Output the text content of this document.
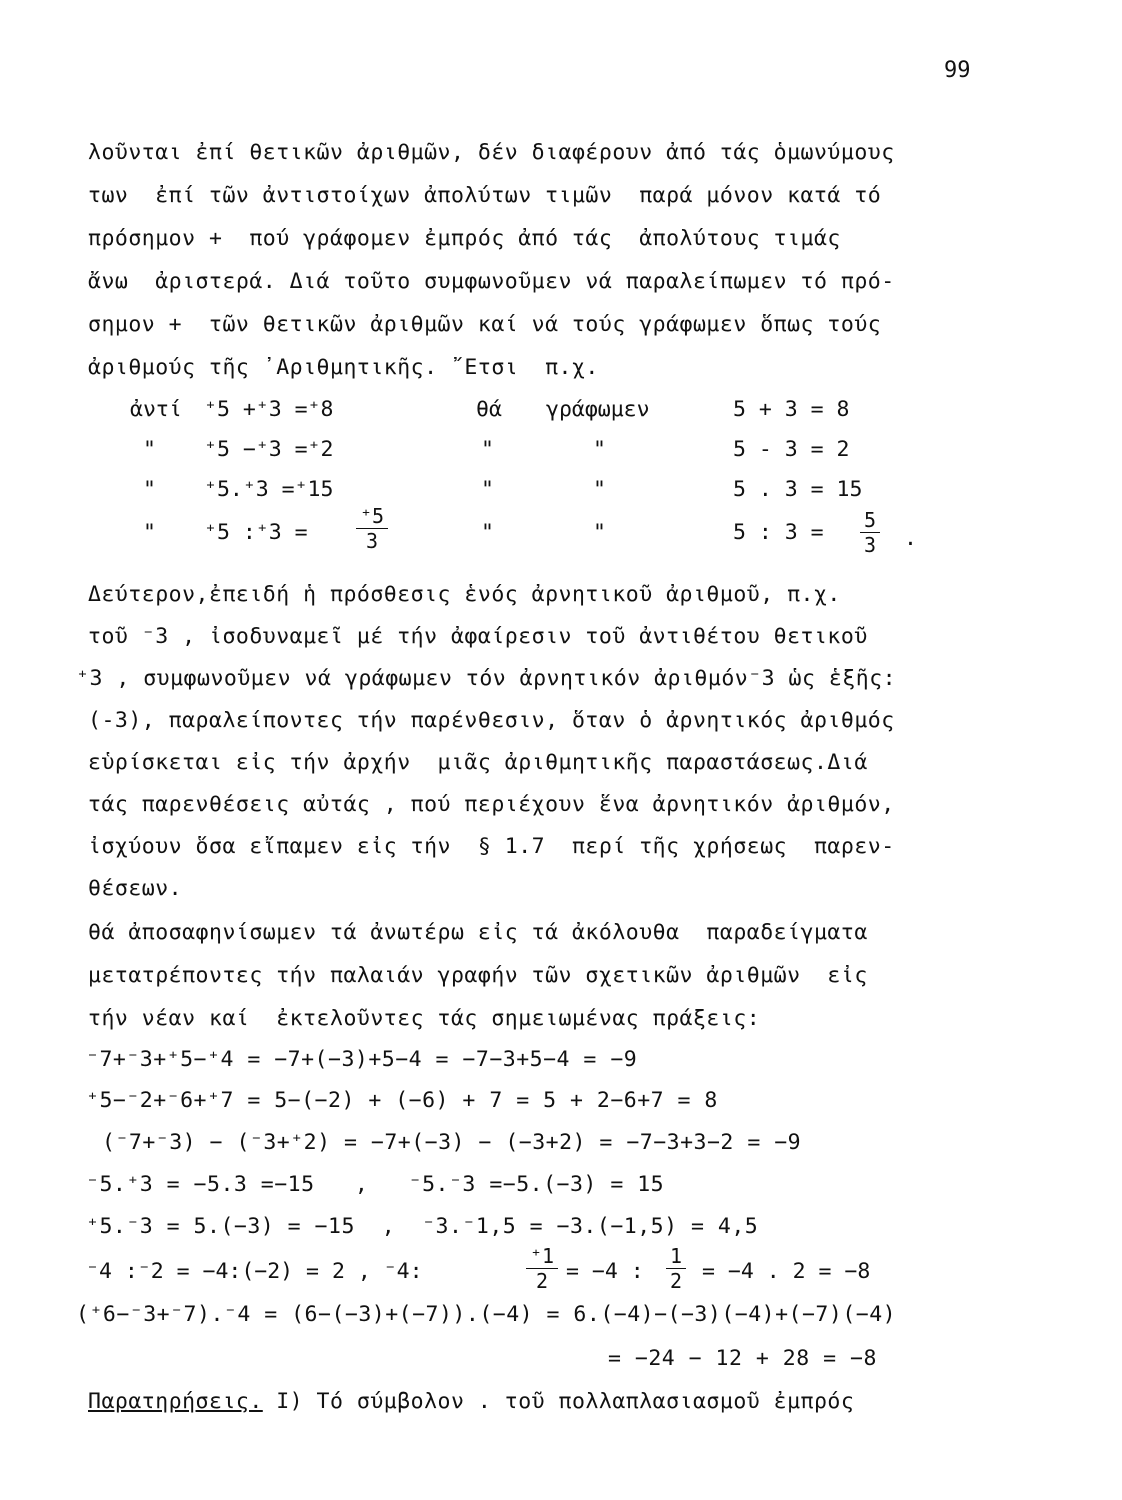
99
λοῦνται ἐπί θετικῶν ἀριθμῶν, δέν διαφέρουν ἀπό τάς ὁμωνύμους
των  ἐπί τῶν ἀντιστοίχων ἀπολύτων τιμῶν  παρά μόνον κατά τό
πρόσημον +  πού γράφομεν ἐμπρός ἀπό τάς  ἀπολύτους τιμάς
ἄνω  ἀριστερά. Διά τοῦτο συμφωνοῦμεν νά παραλείπωμεν τό πρό-
σημον +  τῶν θετικῶν ἀριθμῶν καί νά τούς γράφωμεν ὅπως τούς
ἀριθμούς τῆς ᾿Αριθμητικῆς. ῎Ετσι  π.χ.
ἀντί ⁺5 +⁺3 =⁺8	θά γράφωμεν	5 + 3 = 8
" ⁺5 −⁺3 =⁺2	"	"	5 - 3 = 2
" ⁺5.⁺3 =⁺15	"	"	5 . 3 = 15
" ⁺5 :⁺3 = $\frac{^+5}{3}$	"	"	5 : $3 = \frac{5}{3}$ .
Δεύτερον,ἐπειδή ἡ πρόσθεσις ἑνός ἀρνητικοῦ ἀριθμοῦ, π.χ.
τοῦ ⁻3 , ἰσοδυναμεῖ μέ τήν ἀφαίρεσιν τοῦ ἀντιθέτου θετικοῦ
⁺3 , συμφωνοῦμεν νά γράφωμεν τόν ἀρνητικόν ἀριθμόν⁻3 ὡς ἑξῆς:
(-3), παραλείποντες τήν παρένθεσιν, ὅταν ὁ ἀρνητικός ἀριθμός
εὑρίσκεται εἰς τήν ἀρχήν  μιᾶς ἀριθμητικῆς παραστάσεως.Διά
τάς παρενθέσεις αὐτάς , πού περιέχουν ἕνα ἀρνητικόν ἀριθμόν,
ἰσχύουν ὅσα εἴπαμεν εἰς τήν  § 1.7  περί τῆς χρήσεως  παρεν-
θέσεων.
θά ἀποσαφηνίσωμεν τά ἀνωτέρω εἰς τά ἀκόλουθα  παραδείγματα
μετατρέποντες τήν παλαιάν γραφήν τῶν σχετικῶν ἀριθμῶν  εἰς
τήν νέαν καί  ἐκτελοῦντες τάς σημειωμένας πράξεις:
⁻7+⁻3+⁺5−⁺4 = −7+(−3)+5−4 = −7−3+5−4 = −9
⁺5−⁻2+⁻6+⁺7 = 5−(−2) + (−6) + 7 = 5 + 2−6+7 = 8
(⁻7+⁻3) − (⁻3+⁺2) = −7+(−3) − (−3+2) = −7−3+3−2 = −9
⁻5.⁺3 = −5.3 =−15   ,   ⁻5.⁻3 =−5.(−3) = 15
⁺5.⁻3 = 5.(−3) = −15  ,  ⁻3.⁻1,5 = −3.(−1,5) = 4,5
⁻4 :⁻2 = −4:(−2) = 2 , ⁻4:	$\frac{^+1}{2} = -4$ : $\frac{1}{2} = -4$ . 2 = −8
(⁺6−⁻3+⁻7).⁻4 = (6−(−3)+(−7)).(−4) = 6.(−4)−(−3)(−4)+(−7)(−4)
= −24 − 12 + 28 = −8
Παρατηρήσεις. I) Τό σύμβολον . τοῦ πολλαπλασιασμοῦ ἐμπρός
